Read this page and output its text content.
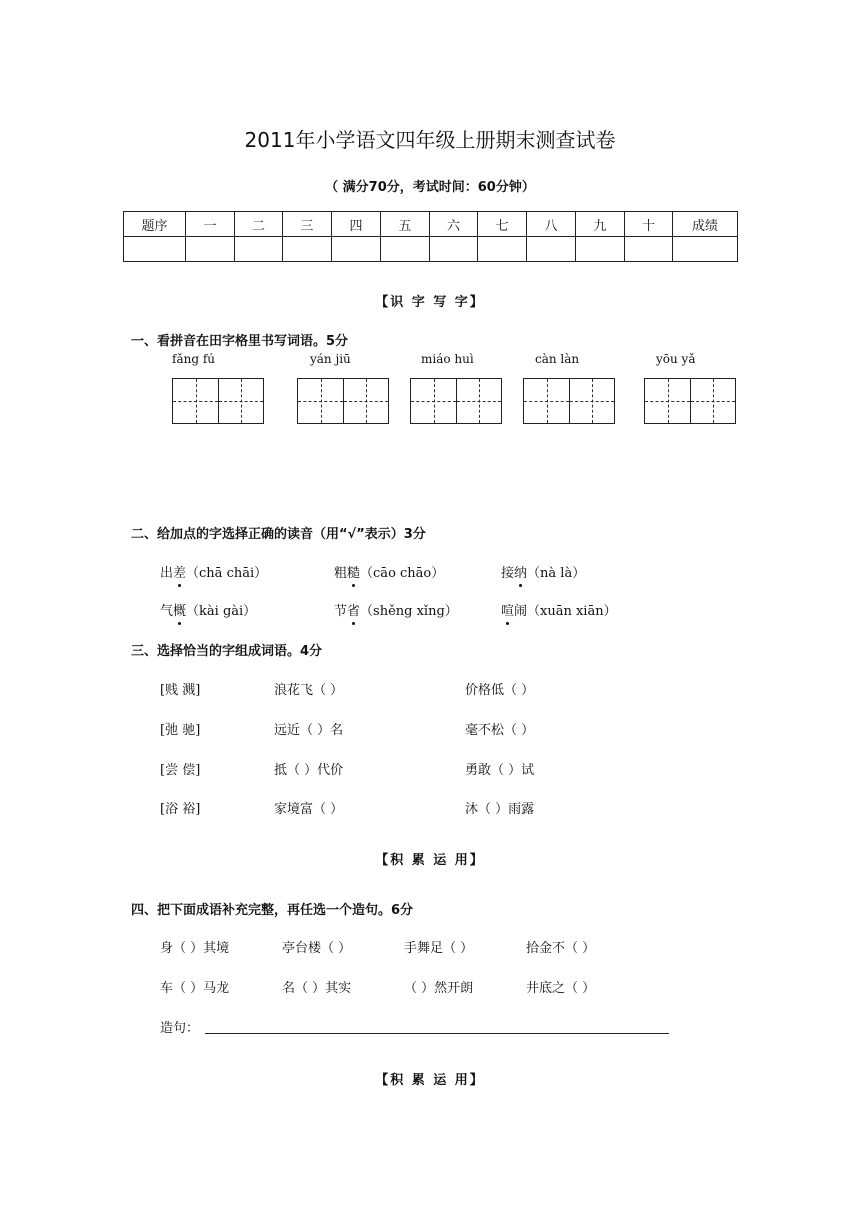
2011年小学语文四年级上册期末测查试卷
（ 满分70分，考试时间：60分钟）
题序	一	二	三	四	五	六	七	八	九	十	成绩

【识 字 写 字】
一、看拼音在田字格里书写词语。5分
fǎng fú	yán jiū	miáo huì	càn làn	yōu yǎ
二、给加点的字选择正确的读音（用“√”表示）3分
出差（chā chāi）	粗糙（cāo chāo）	接纳（nà là）
气概（kài gài）	节省（shěng xǐng）	喧闹（xuān xiān）
三、选择恰当的字组成词语。4分
[贱 溅]	浪花飞（ ）	价格低（ ）
[弛 驰]	远近（ ）名	毫不松（ ）
[尝 偿]	抵（ ）代价	勇敢（ ）试
[浴 裕]	家境富（ ）	沐（ ）雨露
【积 累 运 用】
四、把下面成语补充完整，再任选一个造句。6分
身（ ）其境	亭台楼（ ）	手舞足（ ）	拾金不（ ）
车（ ）马龙	名（ ）其实	（ ）然开朗	井底之（ ）
造句：
【积 累 运 用】
